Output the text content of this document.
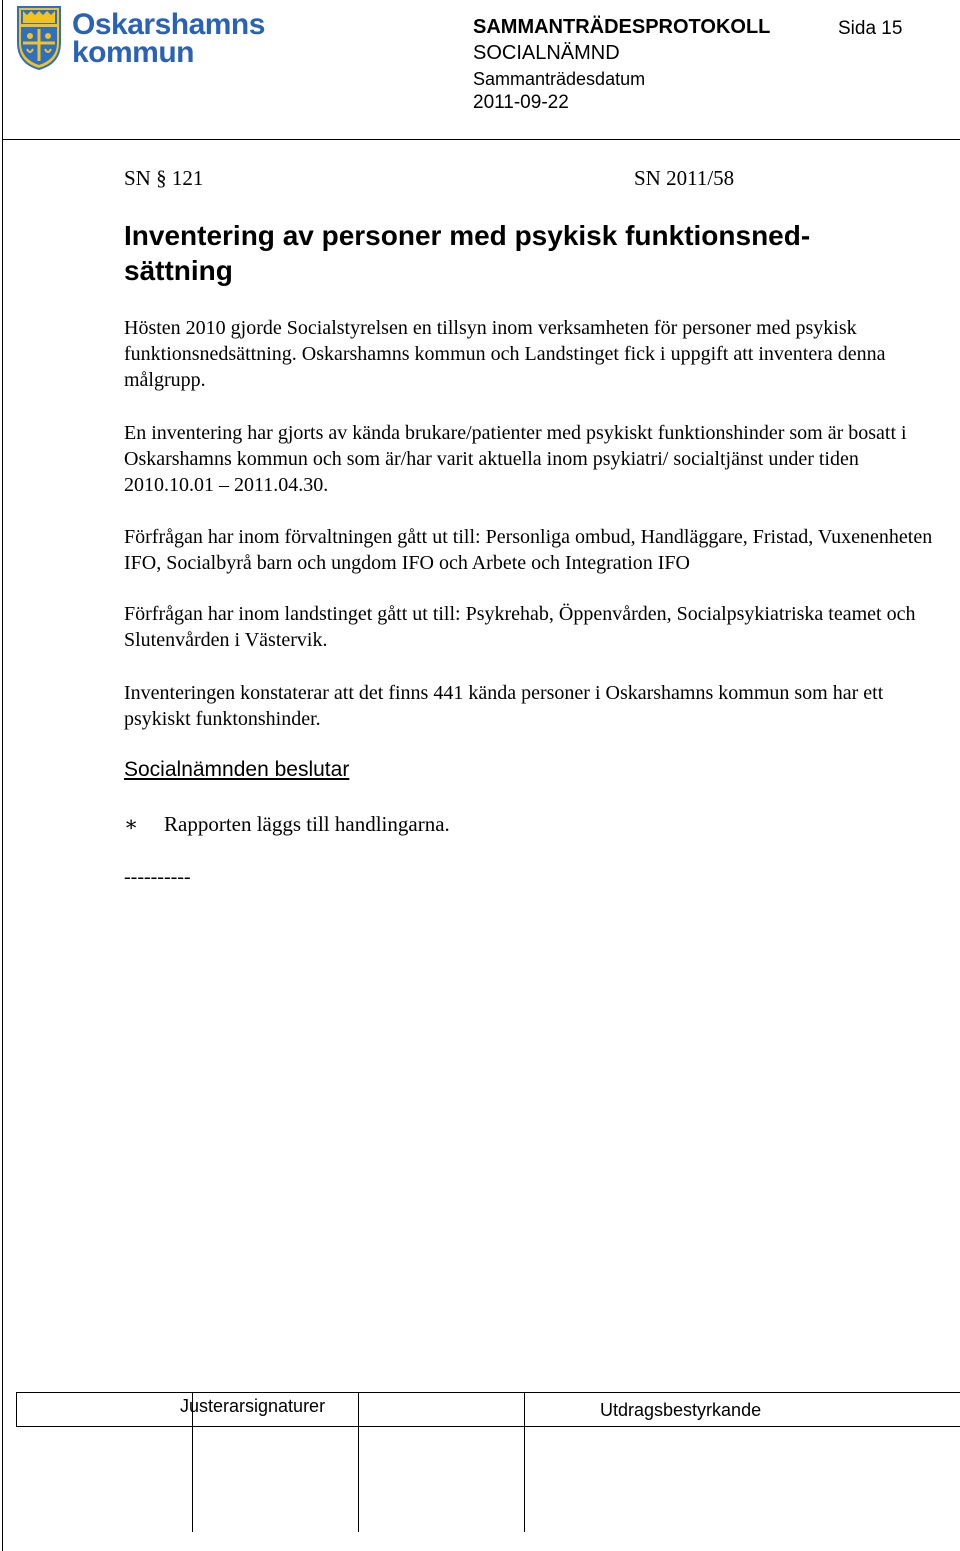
Oskarshamns
kommun
SAMMANTRÄDESPROTOKOLL	Sida 15
SOCIALNÄMND
Sammanträdesdatum
2011-09-22
SN § 121	SN 2011/58
Inventering av personer med psykisk funktionsned-
sättning
Hösten 2010 gjorde Socialstyrelsen en tillsyn inom verksamheten för personer med psykisk funktionsnedsättning. Oskarshamns kommun och Landstinget fick i uppgift att inventera denna målgrupp.
En inventering har gjorts av kända brukare/patienter med psykiskt funktionshinder som är bosatt i Oskarshamns kommun och som är/har varit aktuella inom psykiatri/ socialtjänst under tiden 2010.10.01 – 2011.04.30.
Förfrågan har inom förvaltningen gått ut till: Personliga ombud, Handläggare, Fristad, Vuxenenheten IFO, Socialbyrå barn och ungdom IFO och Arbete och Integration IFO
Förfrågan har inom landstinget gått ut till: Psykrehab, Öppenvården, Socialpsykiatriska teamet och Slutenvården i Västervik.
Inventeringen konstaterar att det finns 441 kända personer i Oskarshamns kommun som har ett psykiskt funktonshinder.
Socialnämnden beslutar
∗ Rapporten läggs till handlingarna.
----------
Justerarsignaturer	Utdragsbestyrkande
